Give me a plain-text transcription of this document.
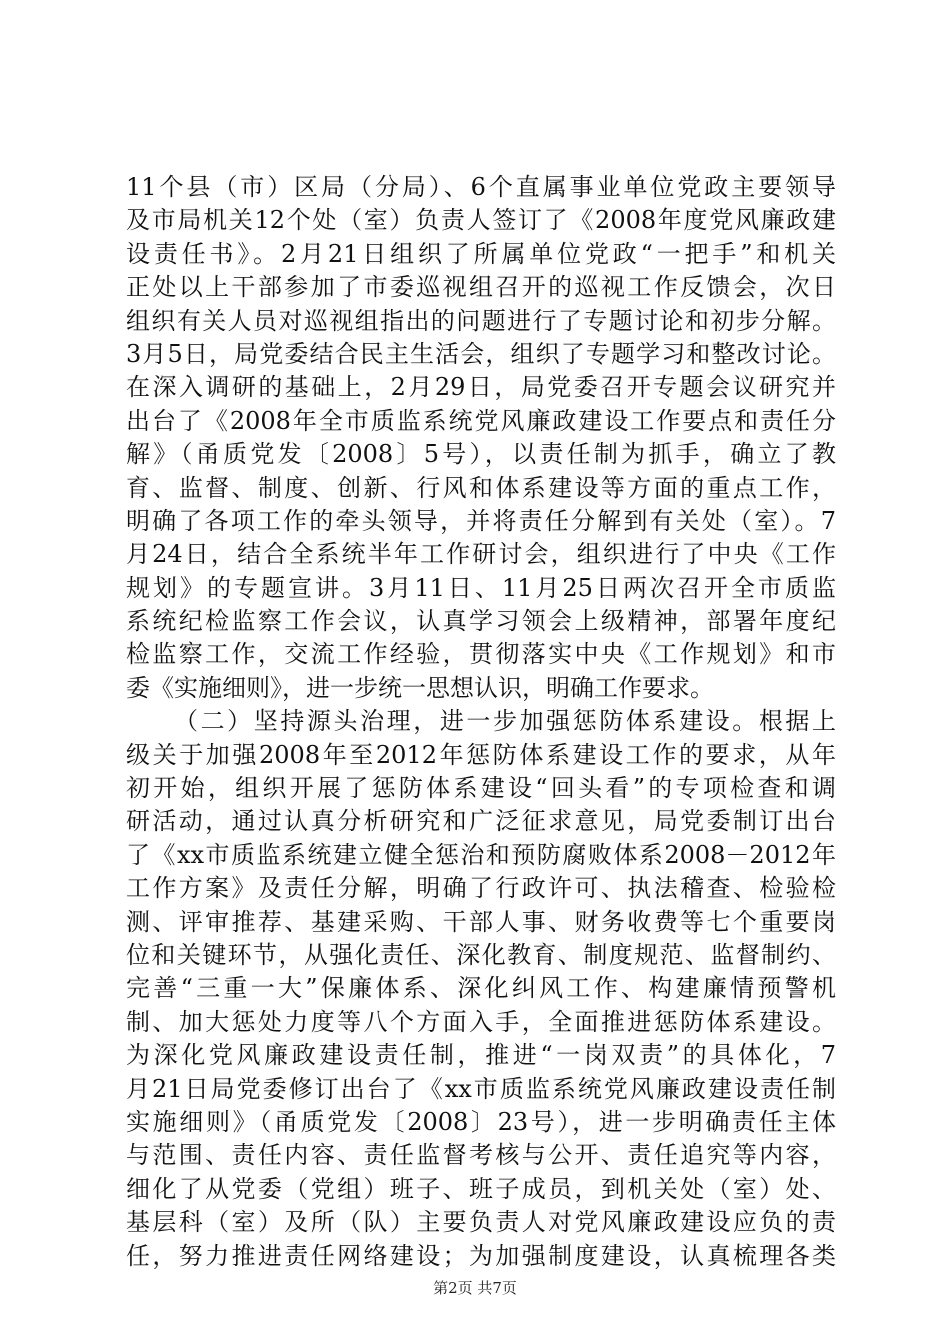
11个县（市）区局（分局）、6个直属事业单位党政主要领导
及市局机关12个处（室）负责人签订了《2008年度党风廉政建
设责任书》。2月21日组织了所属单位党政“一把手”和机关
正处以上干部参加了市委巡视组召开的巡视工作反馈会，次日
组织有关人员对巡视组指出的问题进行了专题讨论和初步分解。
3月5日，局党委结合民主生活会，组织了专题学习和整改讨论。
在深入调研的基础上，2月29日，局党委召开专题会议研究并
出台了《2008年全市质监系统党风廉政建设工作要点和责任分
解》（甬质党发〔2008〕5号），以责任制为抓手，确立了教
育、监督、制度、创新、行风和体系建设等方面的重点工作，
明确了各项工作的牵头领导，并将责任分解到有关处（室）。7
月24日，结合全系统半年工作研讨会，组织进行了中央《工作
规划》的专题宣讲。3月11日、11月25日两次召开全市质监
系统纪检监察工作会议，认真学习领会上级精神，部署年度纪
检监察工作，交流工作经验，贯彻落实中央《工作规划》和市
委《实施细则》，进一步统一思想认识，明确工作要求。
（二）坚持源头治理，进一步加强惩防体系建设。根据上
级关于加强2008年至2012年惩防体系建设工作的要求，从年
初开始，组织开展了惩防体系建设“回头看”的专项检查和调
研活动，通过认真分析研究和广泛征求意见，局党委制订出台
了《xx市质监系统建立健全惩治和预防腐败体系2008－2012年
工作方案》及责任分解，明确了行政许可、执法稽查、检验检
测、评审推荐、基建采购、干部人事、财务收费等七个重要岗
位和关键环节，从强化责任、深化教育、制度规范、监督制约、
完善“三重一大”保廉体系、深化纠风工作、构建廉情预警机
制、加大惩处力度等八个方面入手，全面推进惩防体系建设。
为深化党风廉政建设责任制，推进“一岗双责”的具体化，7
月21日局党委修订出台了《xx市质监系统党风廉政建设责任制
实施细则》（甬质党发〔2008〕23号），进一步明确责任主体
与范围、责任内容、责任监督考核与公开、责任追究等内容，
细化了从党委（党组）班子、班子成员，到机关处（室）处、
基层科（室）及所（队）主要负责人对党风廉政建设应负的责
任，努力推进责任网络建设；为加强制度建设，认真梳理各类
第2页 共7页
